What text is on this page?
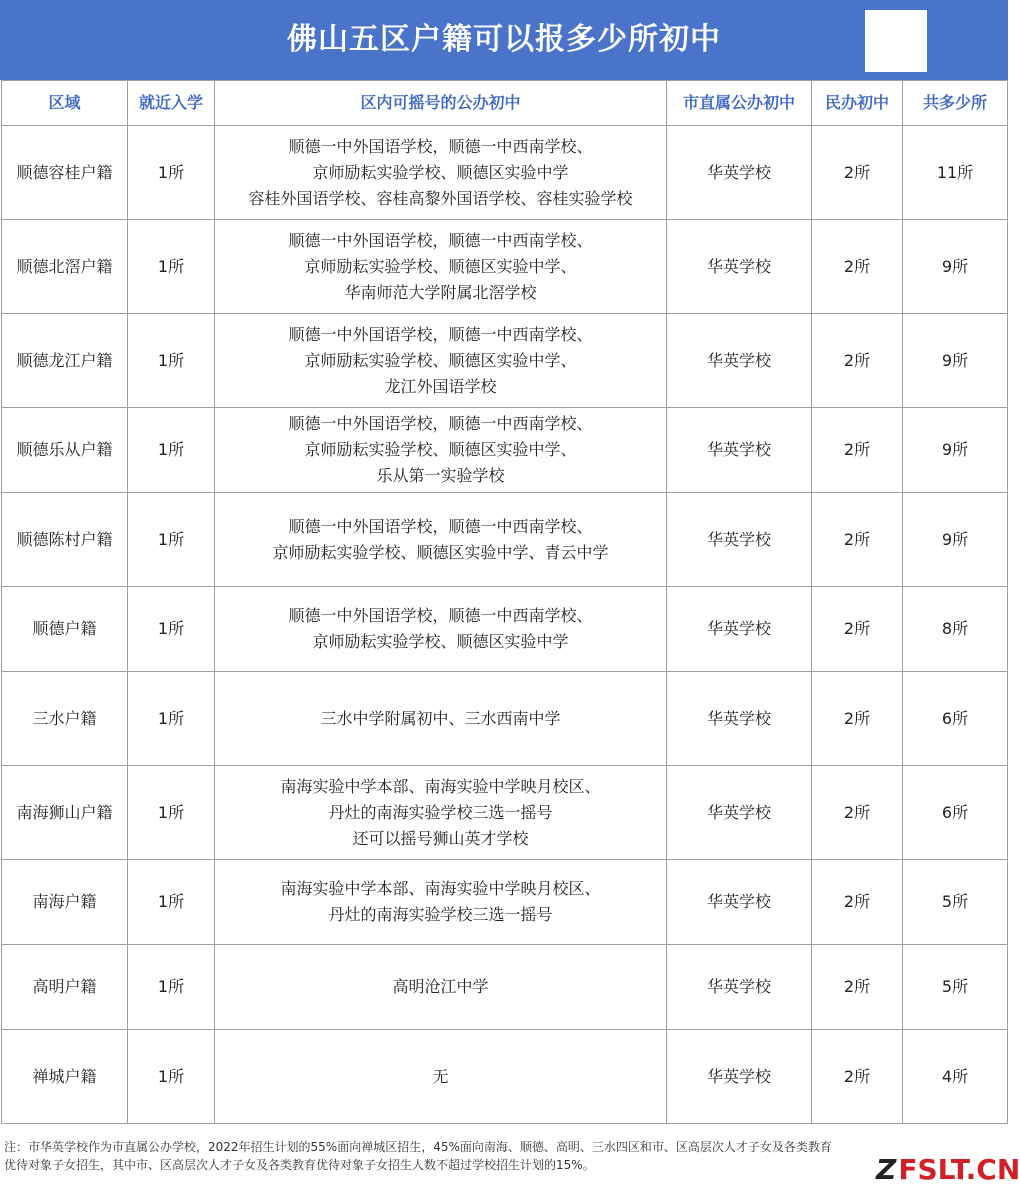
佛山五区户籍可以报多少所初中
区域	就近入学	区内可摇号的公办初中	市直属公办初中	民办初中	共多少所
顺德容桂户籍	1所	顺德一中外国语学校，顺德一中西南学校、
京师励耘实验学校、顺德区实验中学
容桂外国语学校、容桂高黎外国语学校、容桂实验学校	华英学校	2所	11所
顺德北滘户籍	1所	顺德一中外国语学校，顺德一中西南学校、
京师励耘实验学校、顺德区实验中学、
华南师范大学附属北滘学校	华英学校	2所	9所
顺德龙江户籍	1所	顺德一中外国语学校，顺德一中西南学校、
京师励耘实验学校、顺德区实验中学、
龙江外国语学校	华英学校	2所	9所
顺德乐从户籍	1所	顺德一中外国语学校，顺德一中西南学校、
京师励耘实验学校、顺德区实验中学、
乐从第一实验学校	华英学校	2所	9所
顺德陈村户籍	1所	顺德一中外国语学校，顺德一中西南学校、
京师励耘实验学校、顺德区实验中学、青云中学	华英学校	2所	9所
顺德户籍	1所	顺德一中外国语学校，顺德一中西南学校、
京师励耘实验学校、顺德区实验中学	华英学校	2所	8所
三水户籍	1所	三水中学附属初中、三水西南中学	华英学校	2所	6所
南海狮山户籍	1所	南海实验中学本部、南海实验中学映月校区、
丹灶的南海实验学校三选一摇号
还可以摇号狮山英才学校	华英学校	2所	6所
南海户籍	1所	南海实验中学本部、南海实验中学映月校区、
丹灶的南海实验学校三选一摇号	华英学校	2所	5所
高明户籍	1所	高明沧江中学	华英学校	2所	5所
禅城户籍	1所	无	华英学校	2所	4所
注：市华英学校作为市直属公办学校，2022年招生计划的55%面向禅城区招生，45%面向南海、顺德、高明、三水四区和市、区高层次人才子女及各类教育
优待对象子女招生，其中市、区高层次人才子女及各类教育优待对象子女招生人数不超过学校招生计划的15%。	ZFSLT.CN
